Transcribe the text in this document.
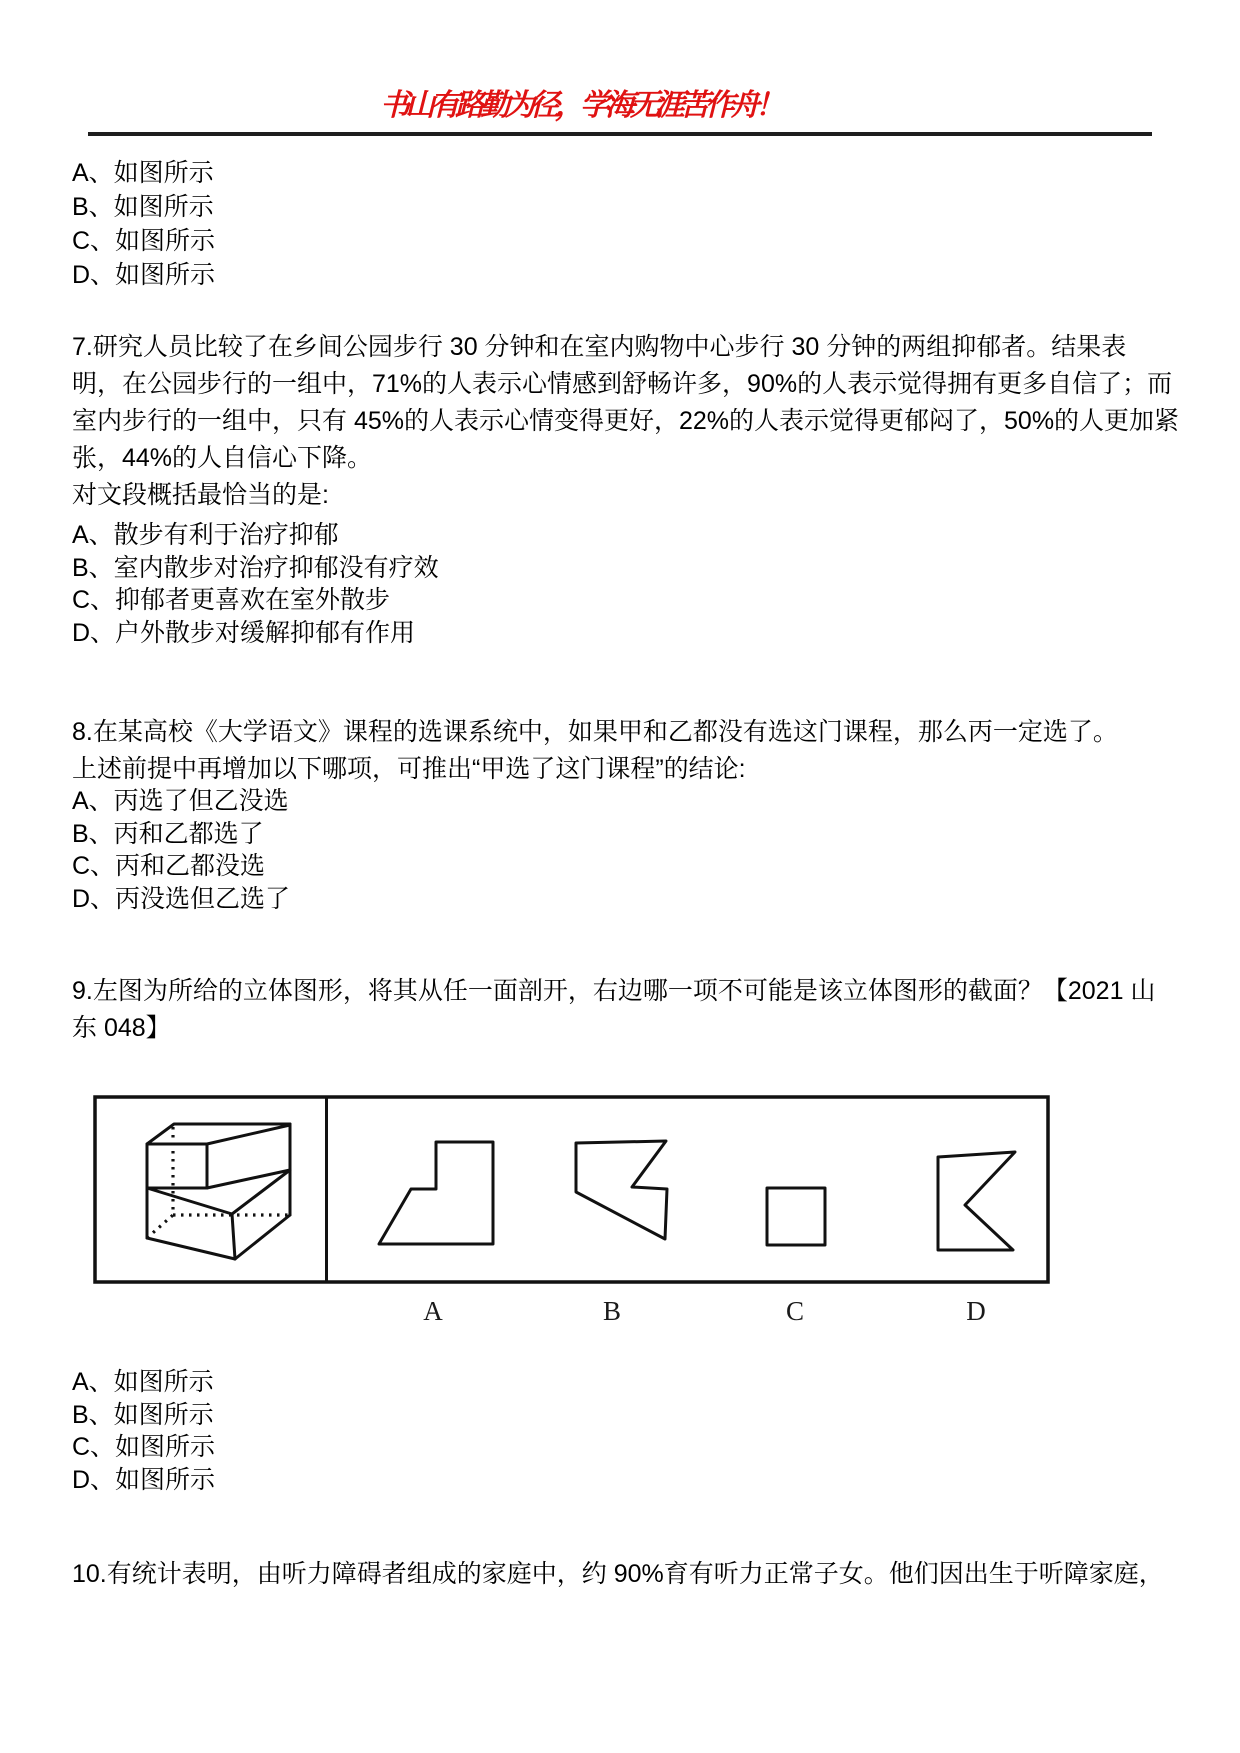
书山有路勤为径，学海无涯苦作舟！
A、如图所示
B、如图所示
C、如图所示
D、如图所示
7.研究人员比较了在乡间公园步行 30 分钟和在室内购物中心步行 30 分钟的两组抑郁者。结果表
明，在公园步行的一组中，71%的人表示心情感到舒畅许多，90%的人表示觉得拥有更多自信了；而
室内步行的一组中，只有 45%的人表示心情变得更好，22%的人表示觉得更郁闷了，50%的人更加紧
张，44%的人自信心下降。
对文段概括最恰当的是:
A、散步有利于治疗抑郁
B、室内散步对治疗抑郁没有疗效
C、抑郁者更喜欢在室外散步
D、户外散步对缓解抑郁有作用
8.在某高校《大学语文》课程的选课系统中，如果甲和乙都没有选这门课程，那么丙一定选了。
上述前提中再增加以下哪项，可推出“甲选了这门课程”的结论:
A、丙选了但乙没选
B、丙和乙都选了
C、丙和乙都没选
D、丙没选但乙选了
9.左图为所给的立体图形，将其从任一面剖开，右边哪一项不可能是该立体图形的截面？【2021 山
东 048】
A	B	C	D
A、如图所示
B、如图所示
C、如图所示
D、如图所示
10.有统计表明，由听力障碍者组成的家庭中，约 90%育有听力正常子女。他们因出生于听障家庭，
